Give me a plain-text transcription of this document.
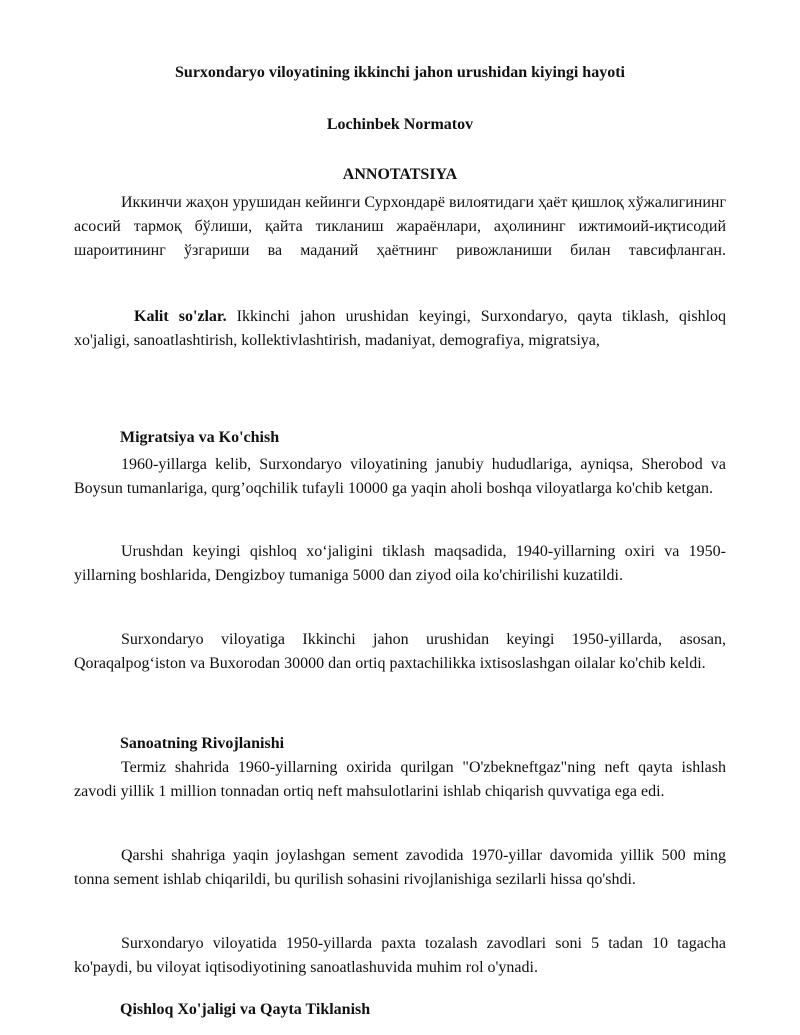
Surxondaryo viloyatining ikkinchi jahon urushidan kiyingi hayoti

Lochinbek Normatov

ANNOTATSIYA

Иккинчи жаҳон урушидан кейинги Сурхондарё вилоятидаги ҳаёт қишлоқ хўжалигининг асосий тармоқ бўлиши, қайта тикланиш жараёнлари, аҳолининг ижтимоий-иқтисодий шароитининг ўзгариши ва маданий ҳаётнинг ривожланиши билан тавсифланган.

Kalit so'zlar. Ikkinchi jahon urushidan keyingi, Surxondaryo, qayta tiklash, qishloq xo'jaligi, sanoatlashtirish, kollektivlashtirish, madaniyat, demografiya, migratsiya,

Migratsiya va Ko'chish

1960-yillarga kelib, Surxondaryo viloyatining janubiy hududlariga, ayniqsa, Sherobod va Boysun tumanlariga, qurg’oqchilik tufayli 10000 ga yaqin aholi boshqa viloyatlarga ko'chib ketgan.

Urushdan keyingi qishloq xo‘jaligini tiklash maqsadida, 1940-yillarning oxiri va 1950-yillarning boshlarida, Dengizboy tumaniga 5000 dan ziyod oila ko'chirilishi kuzatildi.

Surxondaryo viloyatiga Ikkinchi jahon urushidan keyingi 1950-yillarda, asosan, Qoraqalpog‘iston va Buxorodan 30000 dan ortiq paxtachilikka ixtisoslashgan oilalar ko'chib keldi.

Sanoatning Rivojlanishi

Termiz shahrida 1960-yillarning oxirida qurilgan "O'zbekneftgaz"ning neft qayta ishlash zavodi yillik 1 million tonnadan ortiq neft mahsulotlarini ishlab chiqarish quvvatiga ega edi.

Qarshi shahriga yaqin joylashgan sement zavodida 1970-yillar davomida yillik 500 ming tonna sement ishlab chiqarildi, bu qurilish sohasini rivojlanishiga sezilarli hissa qo'shdi.

Surxondaryo viloyatida 1950-yillarda paxta tozalash zavodlari soni 5 tadan 10 tagacha ko'paydi, bu viloyat iqtisodiyotining sanoatlashuvida muhim rol o'ynadi.

Qishloq Xo'jaligi va Qayta Tiklanish
